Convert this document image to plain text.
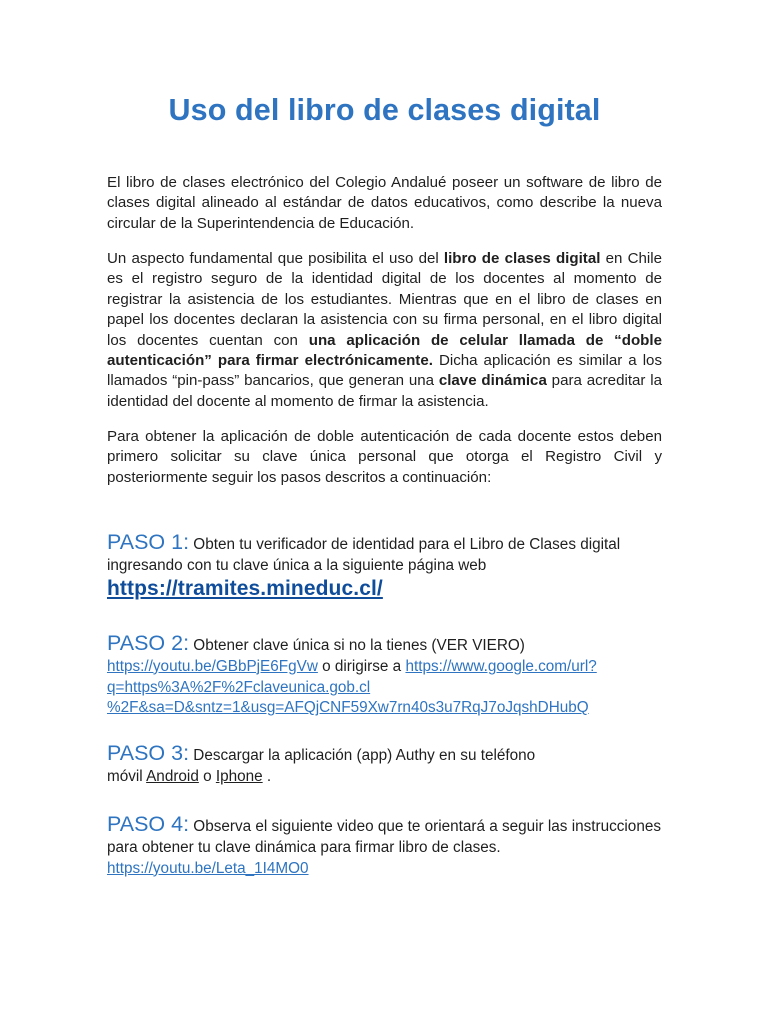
Uso del libro de clases digital

El libro de clases electrónico del Colegio Andalué poseer un software de libro de clases digital alineado al estándar de datos educativos, como describe la nueva circular de la Superintendencia de Educación.

Un aspecto fundamental que posibilita el uso del libro de clases digital en Chile es el registro seguro de la identidad digital de los docentes al momento de registrar la asistencia de los estudiantes. Mientras que en el libro de clases en papel los docentes declaran la asistencia con su firma personal, en el libro digital los docentes cuentan con una aplicación de celular llamada de “doble autenticación” para firmar electrónicamente. Dicha aplicación es similar a los llamados “pin-pass” bancarios, que generan una clave dinámica para acreditar la identidad del docente al momento de firmar la asistencia.

Para obtener la aplicación de doble autenticación de cada docente estos deben primero solicitar su clave única personal que otorga el Registro Civil y posteriormente seguir los pasos descritos a continuación:

PASO 1: Obten tu verificador de identidad para el Libro de Clases digital ingresando con tu clave única a la siguiente página web
https://tramites.mineduc.cl/
PASO 2: Obtener clave única si no la tienes (VER VIERO)
https://youtu.be/GBbPjE6FgVw o dirigirse a https://www.google.com/url?
q=https%3A%2F%2Fclaveunica.gob.cl
%2F&sa=D&sntz=1&usg=AFQjCNF59Xw7rn40s3u7RqJ7oJqshDHubQ
PASO 3: Descargar la aplicación (app) Authy en su teléfono
móvil Android o Iphone .
PASO 4: Observa el siguiente video que te orientará a seguir las instrucciones para obtener tu clave dinámica para firmar libro de clases.
https://youtu.be/Leta_1I4MO0
